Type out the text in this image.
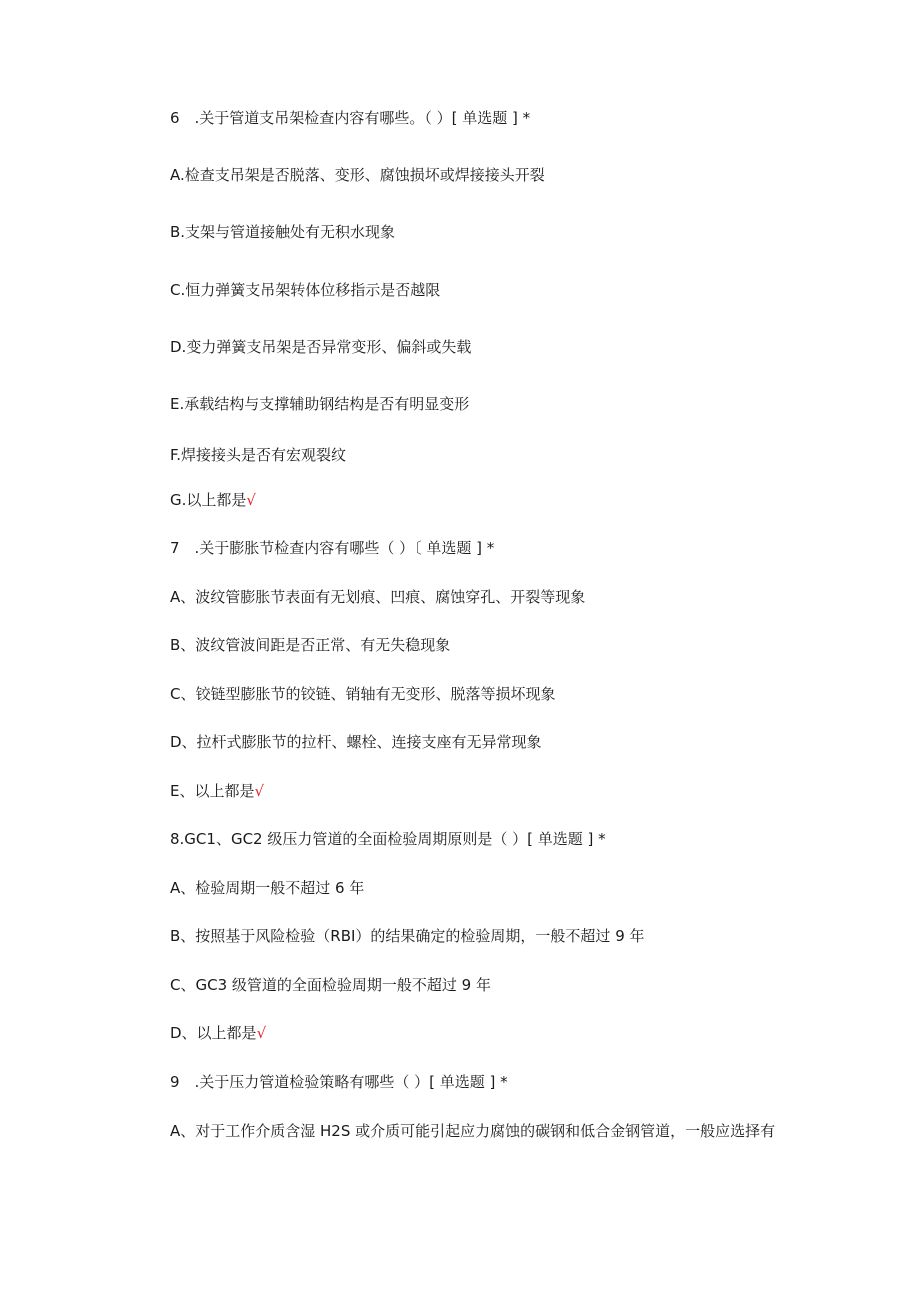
6　.关于管道支吊架检查内容有哪些。（ ）[ 单选题 ] *
A.检查支吊架是否脱落、变形、腐蚀损坏或焊接接头开裂
B.支架与管道接触处有无积水现象
C.恒力弹簧支吊架转体位移指示是否越限
D.变力弹簧支吊架是否异常变形、偏斜或失载
E.承载结构与支撑辅助钢结构是否有明显变形
F.焊接接头是否有宏观裂纹
G.以上都是√
7　.关于膨胀节检查内容有哪些（ ）〔 单选题 ] *
A、波纹管膨胀节表面有无划痕、凹痕、腐蚀穿孔、开裂等现象
B、波纹管波间距是否正常、有无失稳现象
C、铰链型膨胀节的铰链、销轴有无变形、脱落等损坏现象
D、拉杆式膨胀节的拉杆、螺栓、连接支座有无异常现象
E、以上都是√
8.GC1、GC2 级压力管道的全面检验周期原则是（ ）[ 单选题 ] *
A、检验周期一般不超过 6 年
B、按照基于风险检验（RBI）的结果确定的检验周期，一般不超过 9 年
C、GC3 级管道的全面检验周期一般不超过 9 年
D、以上都是√
9　.关于压力管道检验策略有哪些（ ）[ 单选题 ] *
A、对于工作介质含湿 H2S 或介质可能引起应力腐蚀的碳钢和低合金钢管道，一般应选择有
